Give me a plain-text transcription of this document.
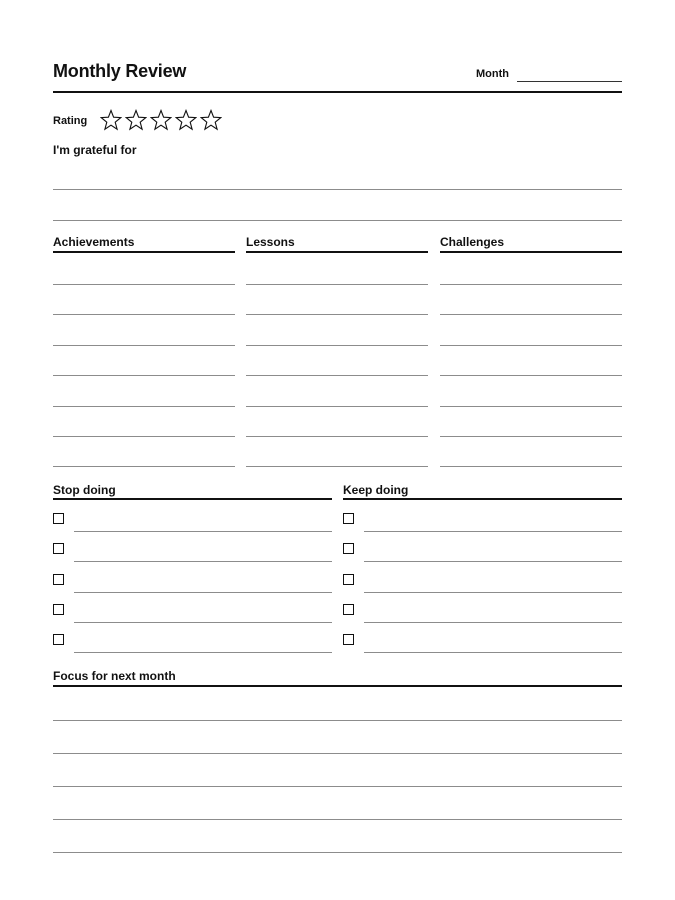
Monthly Review	Month
Rating
I'm grateful for
Achievements	Lessons	Challenges
Stop doing	Keep doing
Focus for next month
